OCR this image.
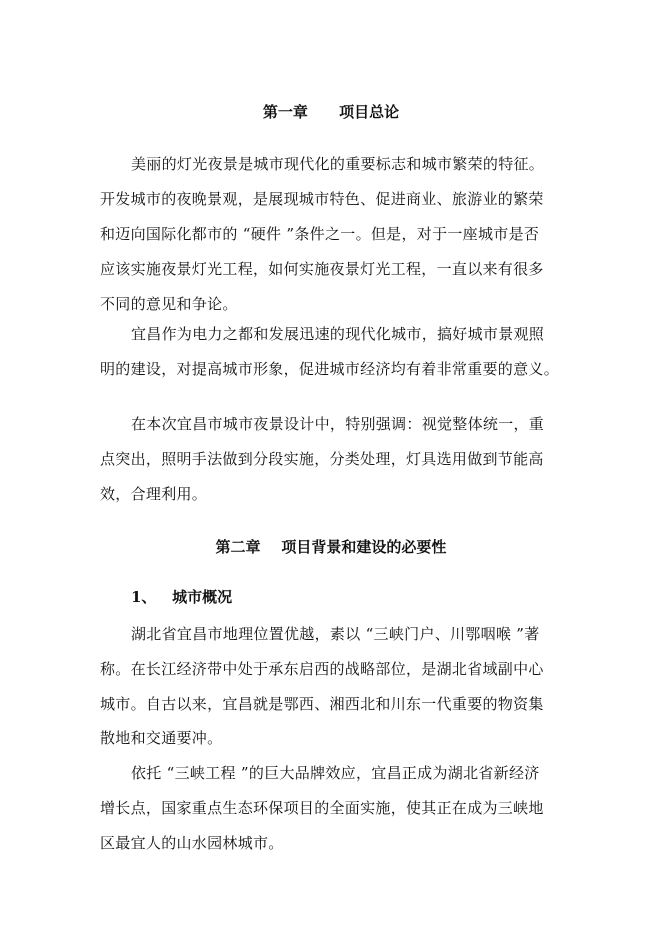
第一章      项目总论
美丽的灯光夜景是城市现代化的重要标志和城市繁荣的特征。
开发城市的夜晚景观，是展现城市特色、促进商业、旅游业的繁荣
和迈向国际化都市的 “硬件 ”条件之一。但是，对于一座城市是否
应该实施夜景灯光工程，如何实施夜景灯光工程，一直以来有很多
不同的意见和争论。
宜昌作为电力之都和发展迅速的现代化城市，搞好城市景观照
明的建设，对提高城市形象，促进城市经济均有着非常重要的意义。
在本次宜昌市城市夜景设计中，特别强调：视觉整体统一，重
点突出，照明手法做到分段实施，分类处理，灯具选用做到节能高
效，合理利用。
第二章    项目背景和建设的必要性
1、   城市概况
湖北省宜昌市地理位置优越，素以 “三峡门户、川鄂咽喉 ”著
称。在长江经济带中处于承东启西的战略部位，是湖北省域副中心
城市。自古以来，宜昌就是鄂西、湘西北和川东一代重要的物资集
散地和交通要冲。
依托 “三峡工程 ”的巨大品牌效应，宜昌正成为湖北省新经济
增长点，国家重点生态环保项目的全面实施，使其正在成为三峡地
区最宜人的山水园林城市。
